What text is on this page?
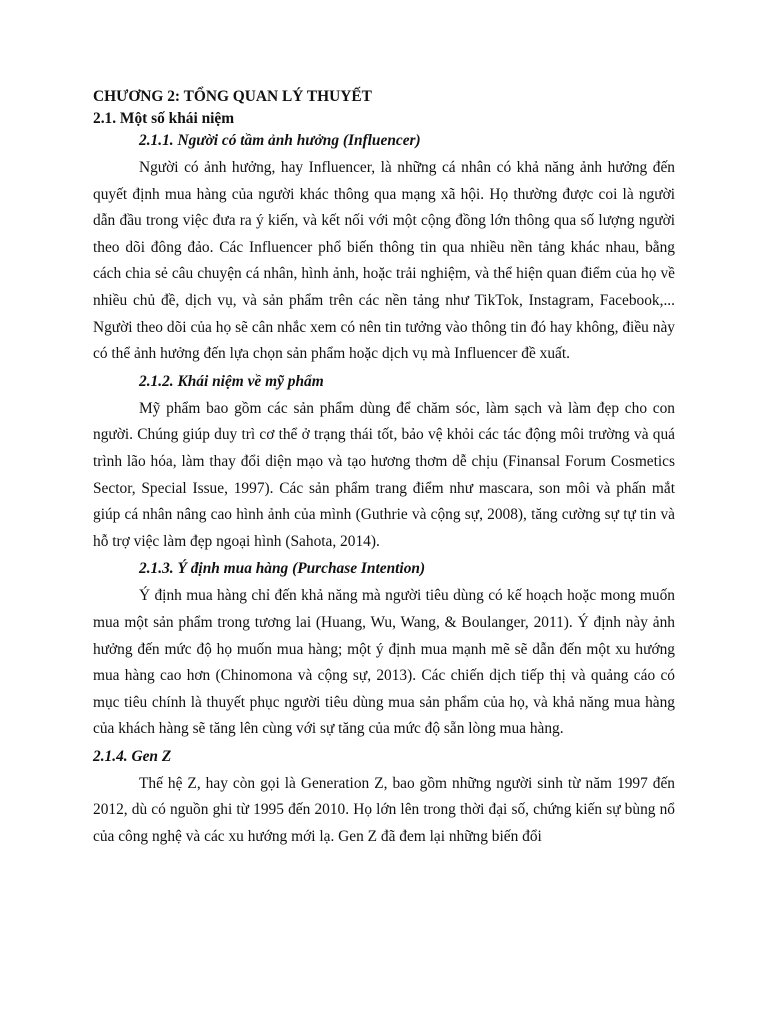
CHƯƠNG 2: TỔNG QUAN LÝ THUYẾT

2.1. Một số khái niệm

2.1.1. Người có tầm ảnh hưởng (Influencer)

Người có ảnh hưởng, hay Influencer, là những cá nhân có khả năng ảnh hưởng đến quyết định mua hàng của người khác thông qua mạng xã hội. Họ thường được coi là người dẫn đầu trong việc đưa ra ý kiến, và kết nối với một cộng đồng lớn thông qua số lượng người theo dõi đông đảo. Các Influencer phổ biến thông tin qua nhiều nền tảng khác nhau, bằng cách chia sẻ câu chuyện cá nhân, hình ảnh, hoặc trải nghiệm, và thể hiện quan điểm của họ về nhiều chủ đề, dịch vụ, và sản phẩm trên các nền tảng như TikTok, Instagram, Facebook,... Người theo dõi của họ sẽ cân nhắc xem có nên tin tưởng vào thông tin đó hay không, điều này có thể ảnh hưởng đến lựa chọn sản phẩm hoặc dịch vụ mà Influencer đề xuất.

2.1.2. Khái niệm về mỹ phẩm

Mỹ phẩm bao gồm các sản phẩm dùng để chăm sóc, làm sạch và làm đẹp cho con người. Chúng giúp duy trì cơ thể ở trạng thái tốt, bảo vệ khỏi các tác động môi trường và quá trình lão hóa, làm thay đổi diện mạo và tạo hương thơm dễ chịu (Finansal Forum Cosmetics Sector, Special Issue, 1997). Các sản phẩm trang điểm như mascara, son môi và phấn mắt giúp cá nhân nâng cao hình ảnh của mình (Guthrie và cộng sự, 2008), tăng cường sự tự tin và hỗ trợ việc làm đẹp ngoại hình (Sahota, 2014).

2.1.3. Ý định mua hàng (Purchase Intention)

Ý định mua hàng chỉ đến khả năng mà người tiêu dùng có kế hoạch hoặc mong muốn mua một sản phẩm trong tương lai (Huang, Wu, Wang, & Boulanger, 2011). Ý định này ảnh hưởng đến mức độ họ muốn mua hàng; một ý định mua mạnh mẽ sẽ dẫn đến một xu hướng mua hàng cao hơn (Chinomona và cộng sự, 2013). Các chiến dịch tiếp thị và quảng cáo có mục tiêu chính là thuyết phục người tiêu dùng mua sản phẩm của họ, và khả năng mua hàng của khách hàng sẽ tăng lên cùng với sự tăng của mức độ sẵn lòng mua hàng.

2.1.4. Gen Z

Thế hệ Z, hay còn gọi là Generation Z, bao gồm những người sinh từ năm 1997 đến 2012, dù có nguồn ghi từ 1995 đến 2010. Họ lớn lên trong thời đại số, chứng kiến sự bùng nổ của công nghệ và các xu hướng mới lạ. Gen Z đã đem lại những biến đổi
